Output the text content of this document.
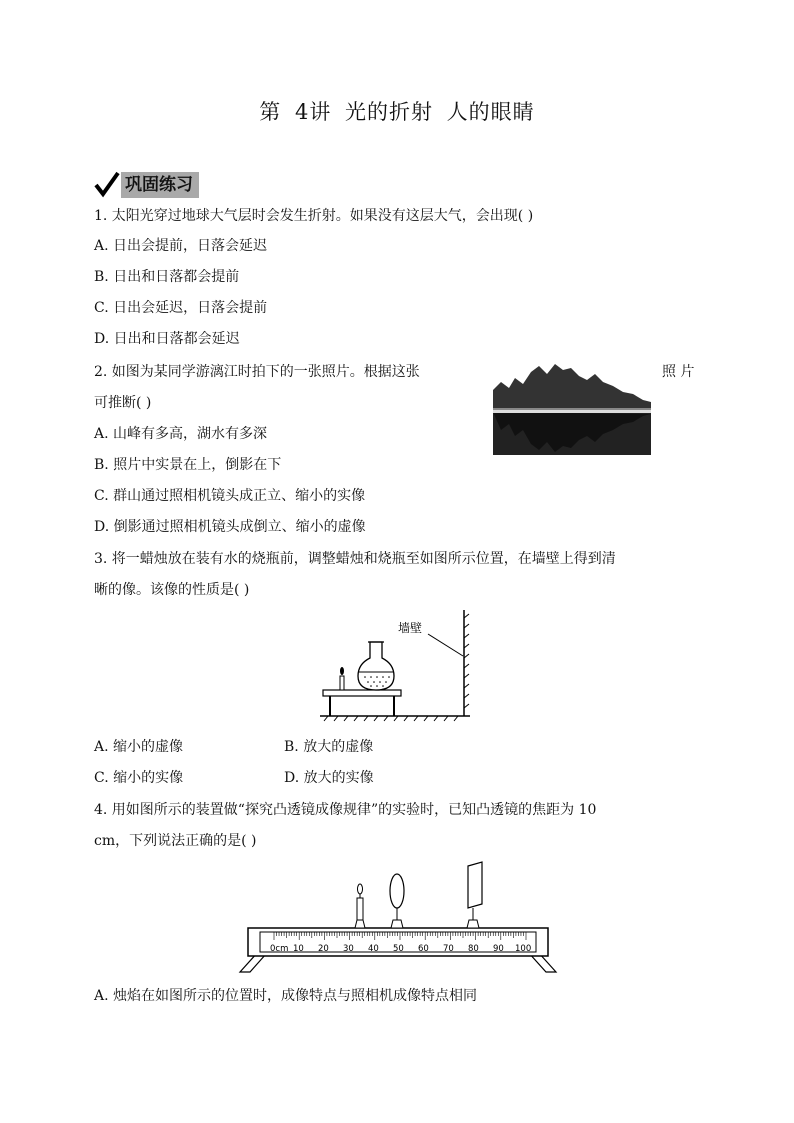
第 4讲 光的折射 人的眼睛
巩固练习
1. 太阳光穿过地球大气层时会发生折射。如果没有这层大气，会出现( )
A. 日出会提前，日落会延迟
B. 日出和日落都会提前
C. 日出会延迟，日落会提前
D. 日出和日落都会延迟
2. 如图为某同学游漓江时拍下的一张照片。根据这张	照 片
可推断( )
A. 山峰有多高，湖水有多深
B. 照片中实景在上，倒影在下
C. 群山通过照相机镜头成正立、缩小的实像
D. 倒影通过照相机镜头成倒立、缩小的虚像
3. 将一蜡烛放在装有水的烧瓶前，调整蜡烛和烧瓶至如图所示位置，在墙壁上得到清
晰的像。该像的性质是( )
墙壁
A. 缩小的虚像	B. 放大的虚像
C. 缩小的实像	D. 放大的实像
4. 用如图所示的装置做“探究凸透镜成像规律”的实验时，已知凸透镜的焦距为 10
cm，下列说法正确的是( )
0cm 10 20 30 40 50 60 70 80 90 100
A. 烛焰在如图所示的位置时，成像特点与照相机成像特点相同
